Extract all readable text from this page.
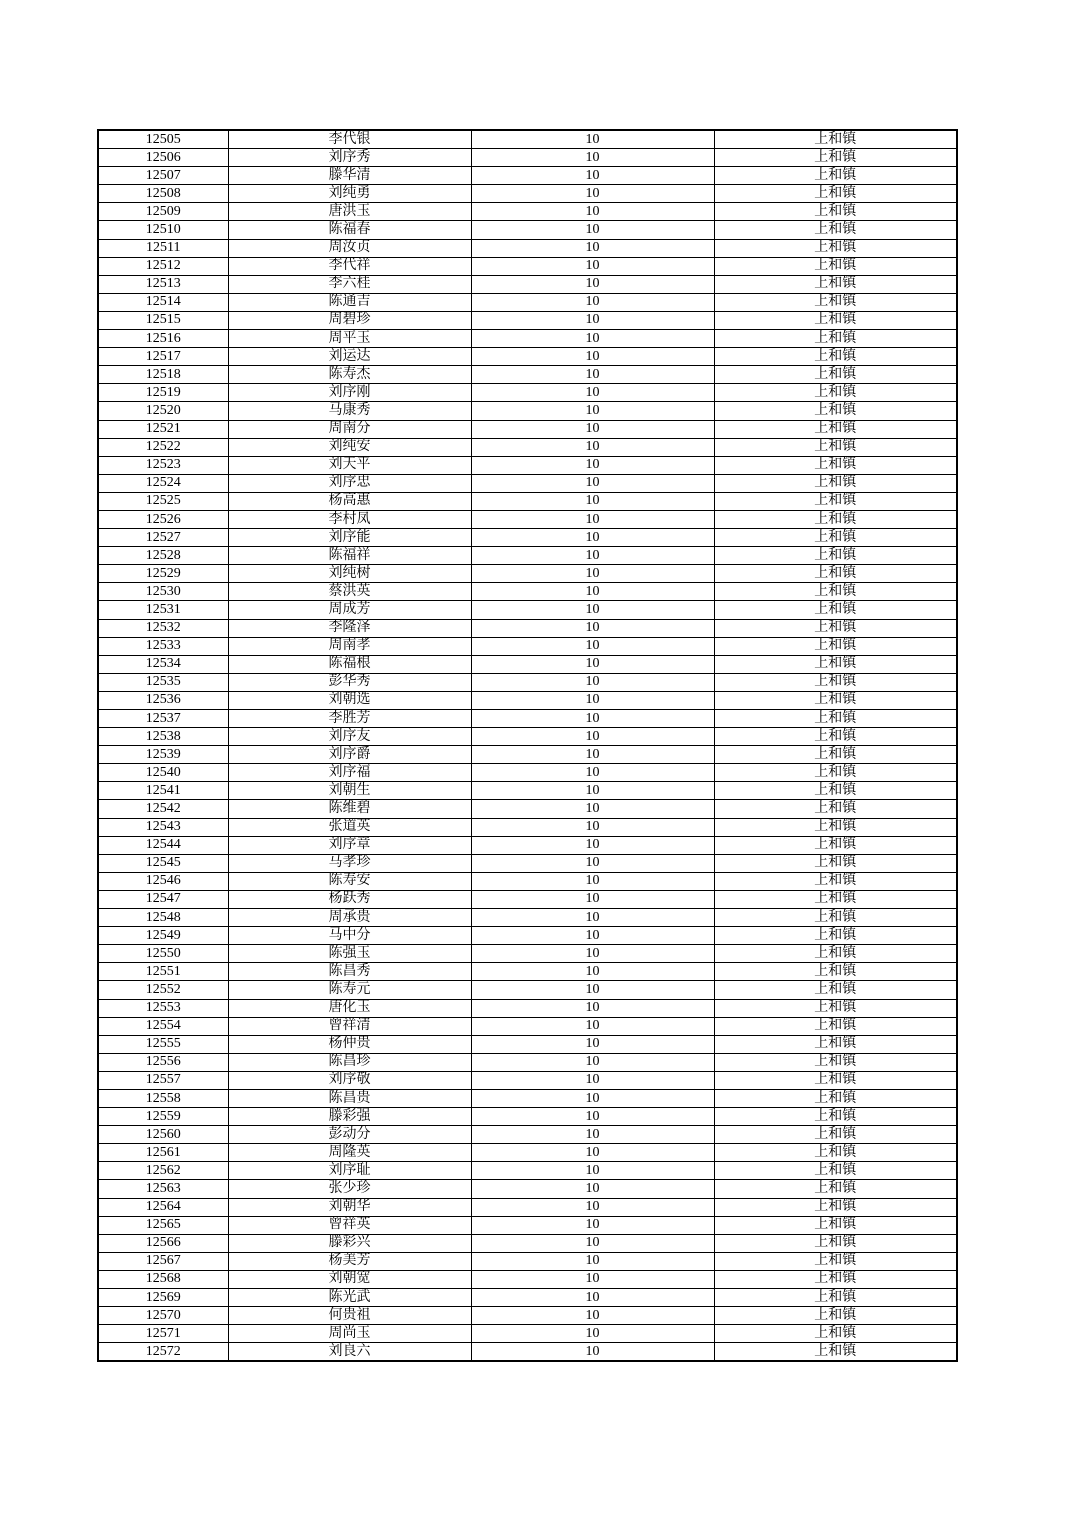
12505	李代银	10	上和镇
12506	刘序秀	10	上和镇
12507	滕华清	10	上和镇
12508	刘纯勇	10	上和镇
12509	唐洪玉	10	上和镇
12510	陈福春	10	上和镇
12511	周汝贞	10	上和镇
12512	李代祥	10	上和镇
12513	李六桂	10	上和镇
12514	陈通吉	10	上和镇
12515	周碧珍	10	上和镇
12516	周平玉	10	上和镇
12517	刘运达	10	上和镇
12518	陈寿杰	10	上和镇
12519	刘序刚	10	上和镇
12520	马康秀	10	上和镇
12521	周南分	10	上和镇
12522	刘纯安	10	上和镇
12523	刘天平	10	上和镇
12524	刘序忠	10	上和镇
12525	杨高惠	10	上和镇
12526	李村凤	10	上和镇
12527	刘序能	10	上和镇
12528	陈福祥	10	上和镇
12529	刘纯树	10	上和镇
12530	蔡洪英	10	上和镇
12531	周成芳	10	上和镇
12532	李隆泽	10	上和镇
12533	周南孝	10	上和镇
12534	陈福根	10	上和镇
12535	彭华秀	10	上和镇
12536	刘朝选	10	上和镇
12537	李胜芳	10	上和镇
12538	刘序友	10	上和镇
12539	刘序爵	10	上和镇
12540	刘序福	10	上和镇
12541	刘朝生	10	上和镇
12542	陈维碧	10	上和镇
12543	张道英	10	上和镇
12544	刘序章	10	上和镇
12545	马孝珍	10	上和镇
12546	陈寿安	10	上和镇
12547	杨跃秀	10	上和镇
12548	周承贵	10	上和镇
12549	马中分	10	上和镇
12550	陈强玉	10	上和镇
12551	陈昌秀	10	上和镇
12552	陈寿元	10	上和镇
12553	唐化玉	10	上和镇
12554	曾祥清	10	上和镇
12555	杨仲贵	10	上和镇
12556	陈昌珍	10	上和镇
12557	刘序敬	10	上和镇
12558	陈昌贵	10	上和镇
12559	滕彩强	10	上和镇
12560	彭动分	10	上和镇
12561	周隆英	10	上和镇
12562	刘序耻	10	上和镇
12563	张少珍	10	上和镇
12564	刘朝华	10	上和镇
12565	曾祥英	10	上和镇
12566	滕彩兴	10	上和镇
12567	杨美芳	10	上和镇
12568	刘朝宽	10	上和镇
12569	陈光武	10	上和镇
12570	何贵祖	10	上和镇
12571	周尚玉	10	上和镇
12572	刘良六	10	上和镇
